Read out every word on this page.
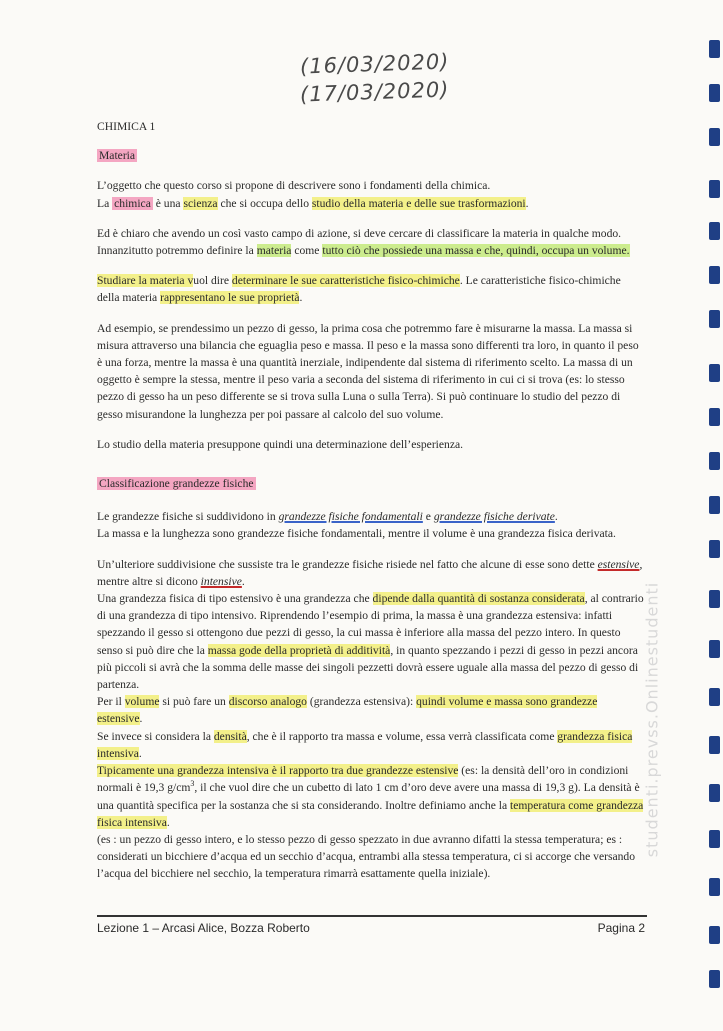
(16/03/2020)
(17/03/2020)

CHIMICA 1

Materia

L’oggetto che questo corso si propone di descrivere sono i fondamenti della chimica.
La chimica è una scienza che si occupa dello studio della materia e delle sue trasformazioni.

Ed è chiaro che avendo un così vasto campo di azione, si deve cercare di classificare la materia in qualche modo. Innanzitutto potremmo definire la materia come tutto ciò che possiede una massa e che, quindi, occupa un volume.

Studiare la materia vuol dire determinare le sue caratteristiche fisico-chimiche. Le caratteristiche fisico-chimiche della materia rappresentano le sue proprietà.

Ad esempio, se prendessimo un pezzo di gesso, la prima cosa che potremmo fare è misurarne la massa. La massa si misura attraverso una bilancia che eguaglia peso e massa. Il peso e la massa sono differenti tra loro, in quanto il peso è una forza, mentre la massa è una quantità inerziale, indipendente dal sistema di riferimento scelto. La massa di un oggetto è sempre la stessa, mentre il peso varia a seconda del sistema di riferimento in cui ci si trova (es: lo stesso pezzo di gesso ha un peso differente se si trova sulla Luna o sulla Terra). Si può continuare lo studio del pezzo di gesso misurandone la lunghezza per poi passare al calcolo del suo volume.

Lo studio della materia presuppone quindi una determinazione dell’esperienza.

Classificazione grandezze fisiche

Le grandezze fisiche si suddividono in grandezze fisiche fondamentali e grandezze fisiche derivate.
La massa e la lunghezza sono grandezze fisiche fondamentali, mentre il volume è una grandezza fisica derivata.

Un’ulteriore suddivisione che sussiste tra le grandezze fisiche risiede nel fatto che alcune di esse sono dette estensive, mentre altre si dicono intensive.
Una grandezza fisica di tipo estensivo è una grandezza che dipende dalla quantità di sostanza considerata, al contrario di una grandezza di tipo intensivo. Riprendendo l’esempio di prima, la massa è una grandezza estensiva: infatti spezzando il gesso si ottengono due pezzi di gesso, la cui massa è inferiore alla massa del pezzo intero. In questo senso si può dire che la massa gode della proprietà di additività, in quanto spezzando i pezzi di gesso in pezzi ancora più piccoli si avrà che la somma delle masse dei singoli pezzetti dovrà essere uguale alla massa del pezzo di gesso di partenza.
Per il volume si può fare un discorso analogo (grandezza estensiva): quindi volume e massa sono grandezze estensive.
Se invece si considera la densità, che è il rapporto tra massa e volume, essa verrà classificata come grandezza fisica intensiva.
Tipicamente una grandezza intensiva è il rapporto tra due grandezze estensive (es: la densità dell’oro in condizioni normali è 19,3 $g/cm^3$, il che vuol dire che un cubetto di lato 1 cm d’oro deve avere una massa di 19,3 g). La densità è una quantità specifica per la sostanza che si sta considerando. Inoltre definiamo anche la temperatura come grandezza fisica intensiva.
(es : un pezzo di gesso intero, e lo stesso pezzo di gesso spezzato in due avranno difatti la stessa temperatura; es : considerati un bicchiere d’acqua ed un secchio d’acqua, entrambi alla stessa temperatura, ci si accorge che versando l’acqua del bicchiere nel secchio, la temperatura rimarrà esattamente quella iniziale).

studenti.prevss.Onlinestudenti
Lezione 1 – Arcasi Alice, Bozza Roberto	Pagina 2
